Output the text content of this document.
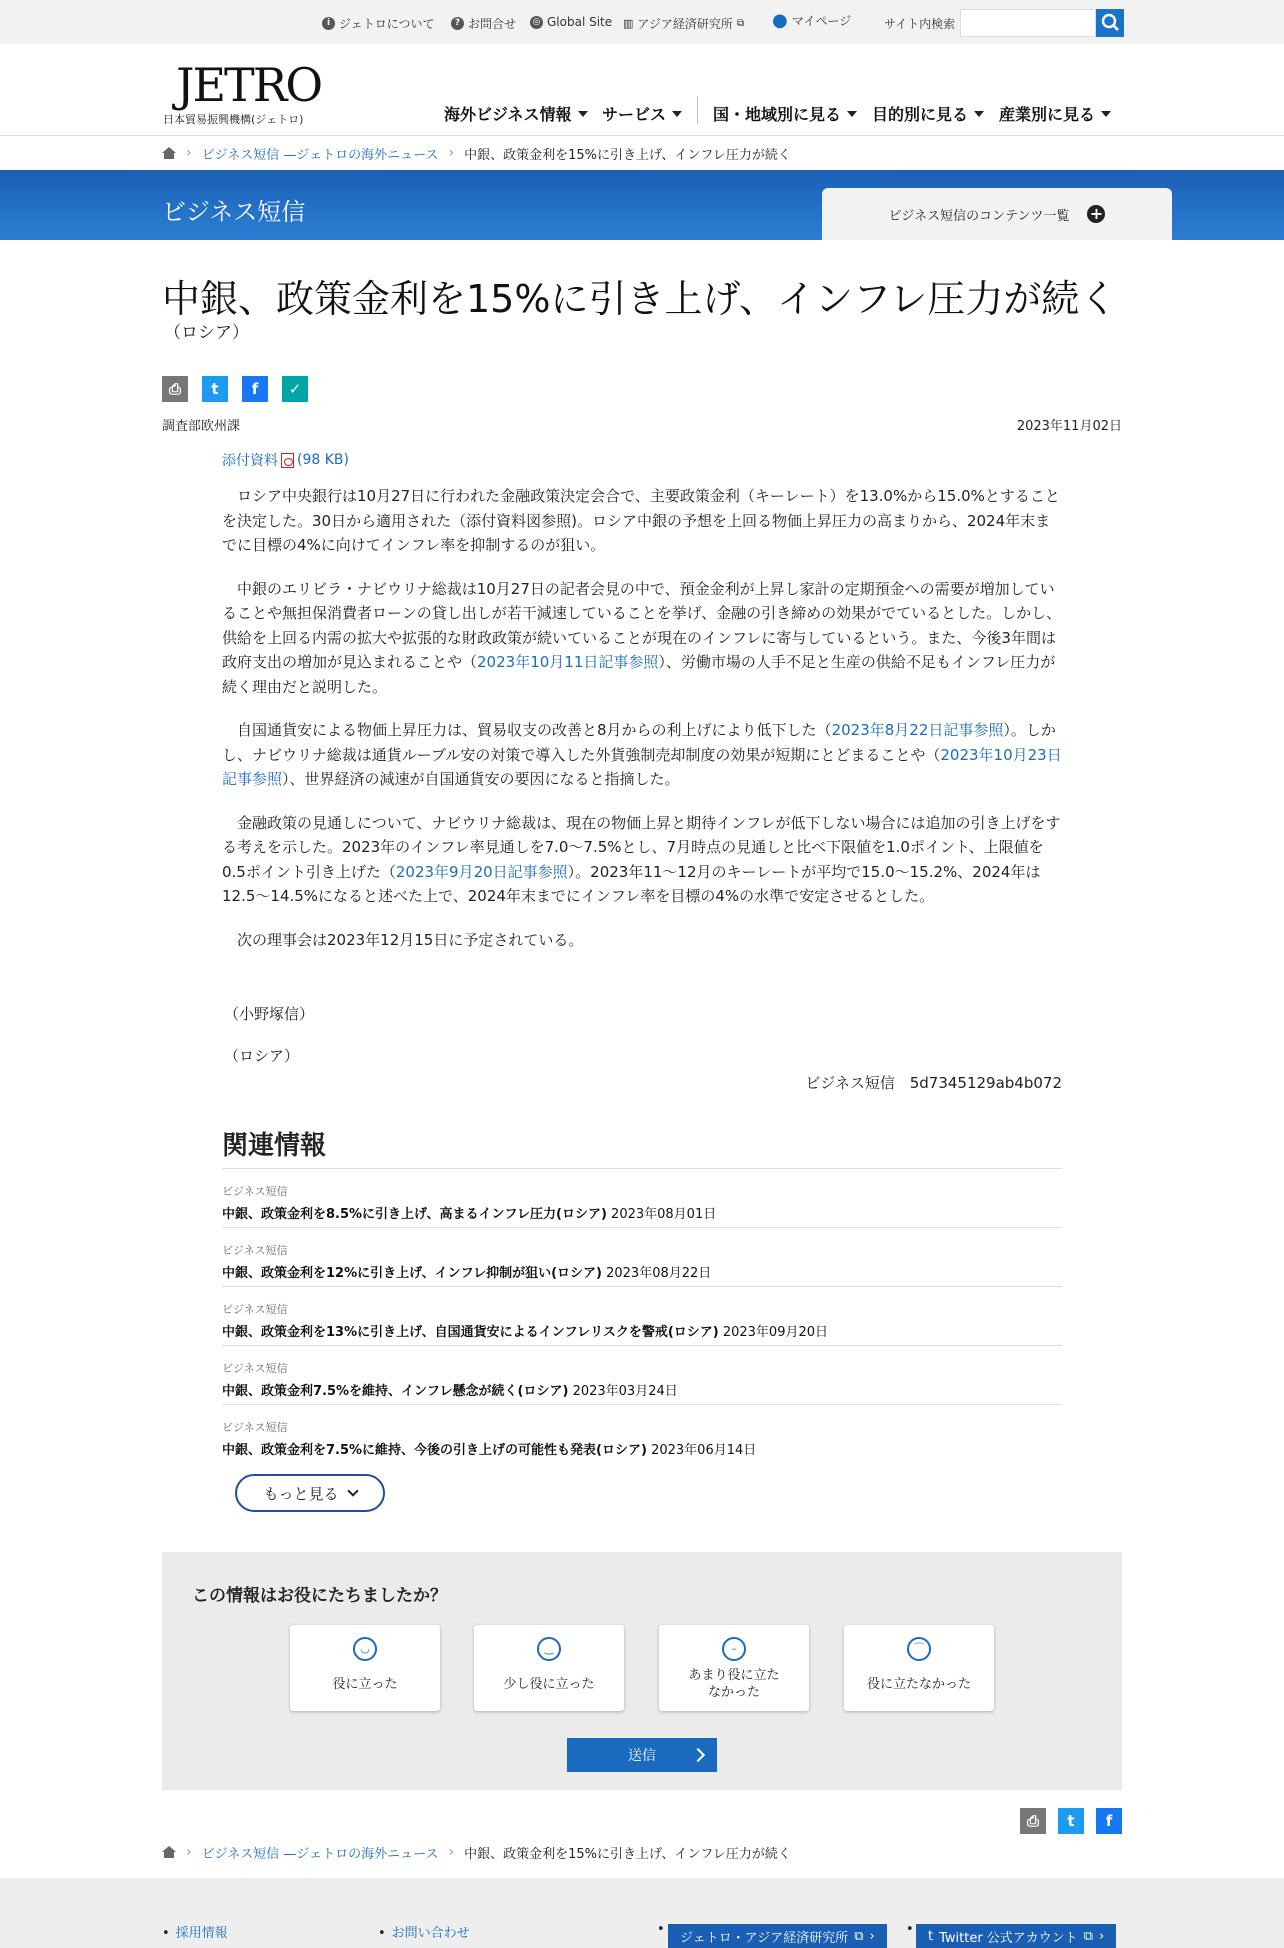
i ジェトロについて	? お問合せ ◎ Global Site ▥ アジア経済研究所 ⧉ ● マイページ	サイト内検索
JETRO
日本貿易振興機構(ジェトロ)	海外ビジネス情報 サービス	国・地域別に見る 目的別に見る 産業別に見る
› ビジネス短信 —ジェトロの海外ニュース › 中銀、政策金利を15%に引き上げ、インフレ圧力が続く
ビジネス短信	ビジネス短信のコンテンツ一覧 +
中銀、政策金利を15%に引き上げ、インフレ圧力が続く
（ロシア）
⎙	t	f	✓
調査部欧州課	2023年11月02日
添付資料 (98 KB)

ロシア中央銀行は10月27日に行われた金融政策決定会合で、主要政策金利（キーレート）を13.0%から15.0%とすることを決定した。30日から適用された（添付資料図参照)。ロシア中銀の予想を上回る物価上昇圧力の高まりから、2024年末までに目標の4%に向けてインフレ率を抑制するのが狙い。

中銀のエリビラ・ナビウリナ総裁は10月27日の記者会見の中で、預金金利が上昇し家計の定期預金への需要が増加していることや無担保消費者ローンの貸し出しが若干減速していることを挙げ、金融の引き締めの効果がでているとした。しかし、供給を上回る内需の拡大や拡張的な財政政策が続いていることが現在のインフレに寄与しているという。また、今後3年間は政府支出の増加が見込まれることや（2023年10月11日記事参照）、労働市場の人手不足と生産の供給不足もインフレ圧力が続く理由だと説明した。

自国通貨安による物価上昇圧力は、貿易収支の改善と8月からの利上げにより低下した（2023年8月22日記事参照）。しかし、ナビウリナ総裁は通貨ルーブル安の対策で導入した外貨強制売却制度の効果が短期にとどまることや（2023年10月23日記事参照）、世界経済の減速が自国通貨安の要因になると指摘した。

金融政策の見通しについて、ナビウリナ総裁は、現在の物価上昇と期待インフレが低下しない場合には追加の引き上げをする考えを示した。2023年のインフレ率見通しを7.0～7.5%とし、7月時点の見通しと比べ下限値を1.0ポイント、上限値を0.5ポイント引き上げた（2023年9月20日記事参照）。2023年11～12月のキーレートが平均で15.0～15.2%、2024年は12.5～14.5%になると述べた上で、2024年末までにインフレ率を目標の4%の水準で安定させるとした。

次の理事会は2023年12月15日に予定されている。

（小野塚信）
（ロシア）
ビジネス短信 5d7345129ab4b072
関連情報
ビジネス短信
中銀、政策金利を8.5%に引き上げ、高まるインフレ圧力(ロシア) 2023年08月01日
ビジネス短信
中銀、政策金利を12%に引き上げ、インフレ抑制が狙い(ロシア) 2023年08月22日
ビジネス短信
中銀、政策金利を13%に引き上げ、自国通貨安によるインフレリスクを警戒(ロシア) 2023年09月20日
ビジネス短信
中銀、政策金利7.5%を維持、インフレ懸念が続く(ロシア) 2023年03月24日
ビジネス短信
中銀、政策金利を7.5%に維持、今後の引き上げの可能性も発表(ロシア) 2023年06月14日
もっと見る
この情報はお役にたちましたか？
◡
役に立った
‿
少し役に立った
–
あまり役に立た
なかった
⌒
役に立たなかった
送信
⎙	t	f
› ビジネス短信 —ジェトロの海外ニュース › 中銀、政策金利を15%に引き上げ、インフレ圧力が続く
• 採用情報
•	お問い合わせ	•
ジェトロ・アジア経済研究所 ⧉ › • t Twitter 公式アカウント ⧉ ›
